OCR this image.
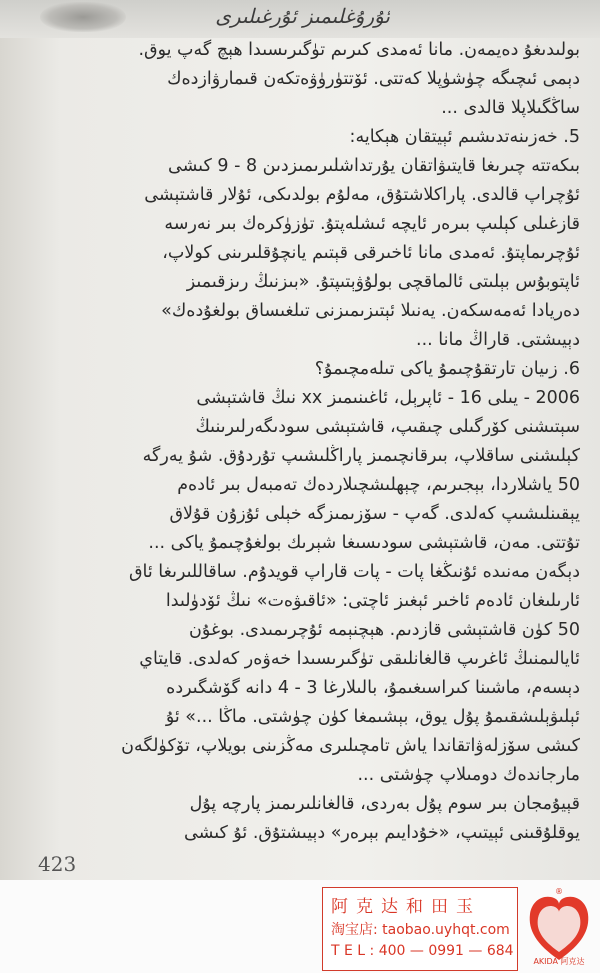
ئۇرۇغلىمىز ئۇرغىلىرى
بولىدىغۇ دەيمەن. مانا ئەمدى كىرىم تۈگىرىسىدا ھېچ گەپ يوق.
دېمى ئىچىگە چۈشۈپلا كەتتى. ئۆتتۈرۈۋەتكەن قىمارۋازدەك
ساڭگىلاپلا قالدى ...
5. خەزىنەتدىشىم ئېيتقان ھېكايە:
بىكەتتە چىرىغا قايتىۋاتقان يۇرتداشلىرىمىزدىن 8 - 9 كىشى
ئۇچراپ قالدى. پاراكلاشتۇق، مەلۇم بولدىكى، ئۇلار قاشتېشى
قازغىلى كېلىپ بىرەر ئايچە ئىشلەپتۇ. تۈزۈكرەك بىر نەرسە
ئۇچرىماپتۇ. ئەمدى مانا ئاخىرقى قېتىم يانچۇقلىرىنى كولاپ،
ئاپتوبۇس بېلىتى ئالماقچى بولۇۋېتىپتۇ. «بىزنىڭ رىزقىمىز
دەريادا ئەمەسكەن. يەنىلا ئېتىزىمىزنى تىلغىساق بولغۇدەك»
دېيىشتى. قاراڭ مانا ...
6. زىيان تارتقۇچىمۇ ياكى تىلەمچىمۇ؟
2006 - يىلى 16 - ئاپرېل، ئاغىنىمىز xx نىڭ قاشتېشى
سېتىشنى كۆرگىلى چىقىپ، قاشتېشى سودىگەرلىرىنىڭ
كېلىشنى ساقلاپ، بىرقانچىمىز پاراڭلىشىپ تۇردۇق. شۇ يەرگە
50 ياشلاردا، بېجىرىم، چېھلىشچىلاردەك تەمبەل بىر ئادەم
يېقىنلىشىپ كەلدى. گەپ - سۆزىمىزگە خېلى ئۇزۇن قۇلاق
تۇتتى. مەن، قاشتېشى سودىسىغا شېرىك بولغۇچىمۇ ياكى ...
دېگەن مەنىدە ئۇنىڭغا پات - پات قاراپ قويدۇم. ساقاللىرىغا ئاق
ئارىلىغان ئادەم ئاخىر ئېغىز ئاچتى: «ئاقىۋەت» نىڭ ئۆدۈلىدا
50 كۈن قاشتېشى قازدىم. ھېچنېمە ئۇچرىمىدى. بوغۇن
ئايالىمنىڭ ئاغرىپ قالغانلىقى تۈگىرىسىدا خەۋەر كەلدى. قايتاي
دېسەم، ماشىنا كىراسىغىمۇ، بالىلارغا 3 - 4 دانە گۆشگىردە
ئېلىۋېلىشقىمۇ پۇل يوق، بېشىمغا كۈن چۈشتى. ماڭا ...» ئۇ
كىشى سۆزلەۋاتقاندا ياش تامچىلىرى مەڭزىنى بويلاپ، تۆكۈلگەن
مارجاندەك دومىلاپ چۈشتى ...
قېيۇمجان بىر سوم پۇل بەردى، قالغانلىرىمىز پارچە پۇل
يوقلۇقىنى ئېيتىپ، «خۇدايىم بېرەر» دېيىشتۇق. ئۇ كىشى
423
阿克达和田玉
淘宝店: taobao.uyhqt.com
T E L : 400 — 0991 — 684
®
AKIDA 阿克达
